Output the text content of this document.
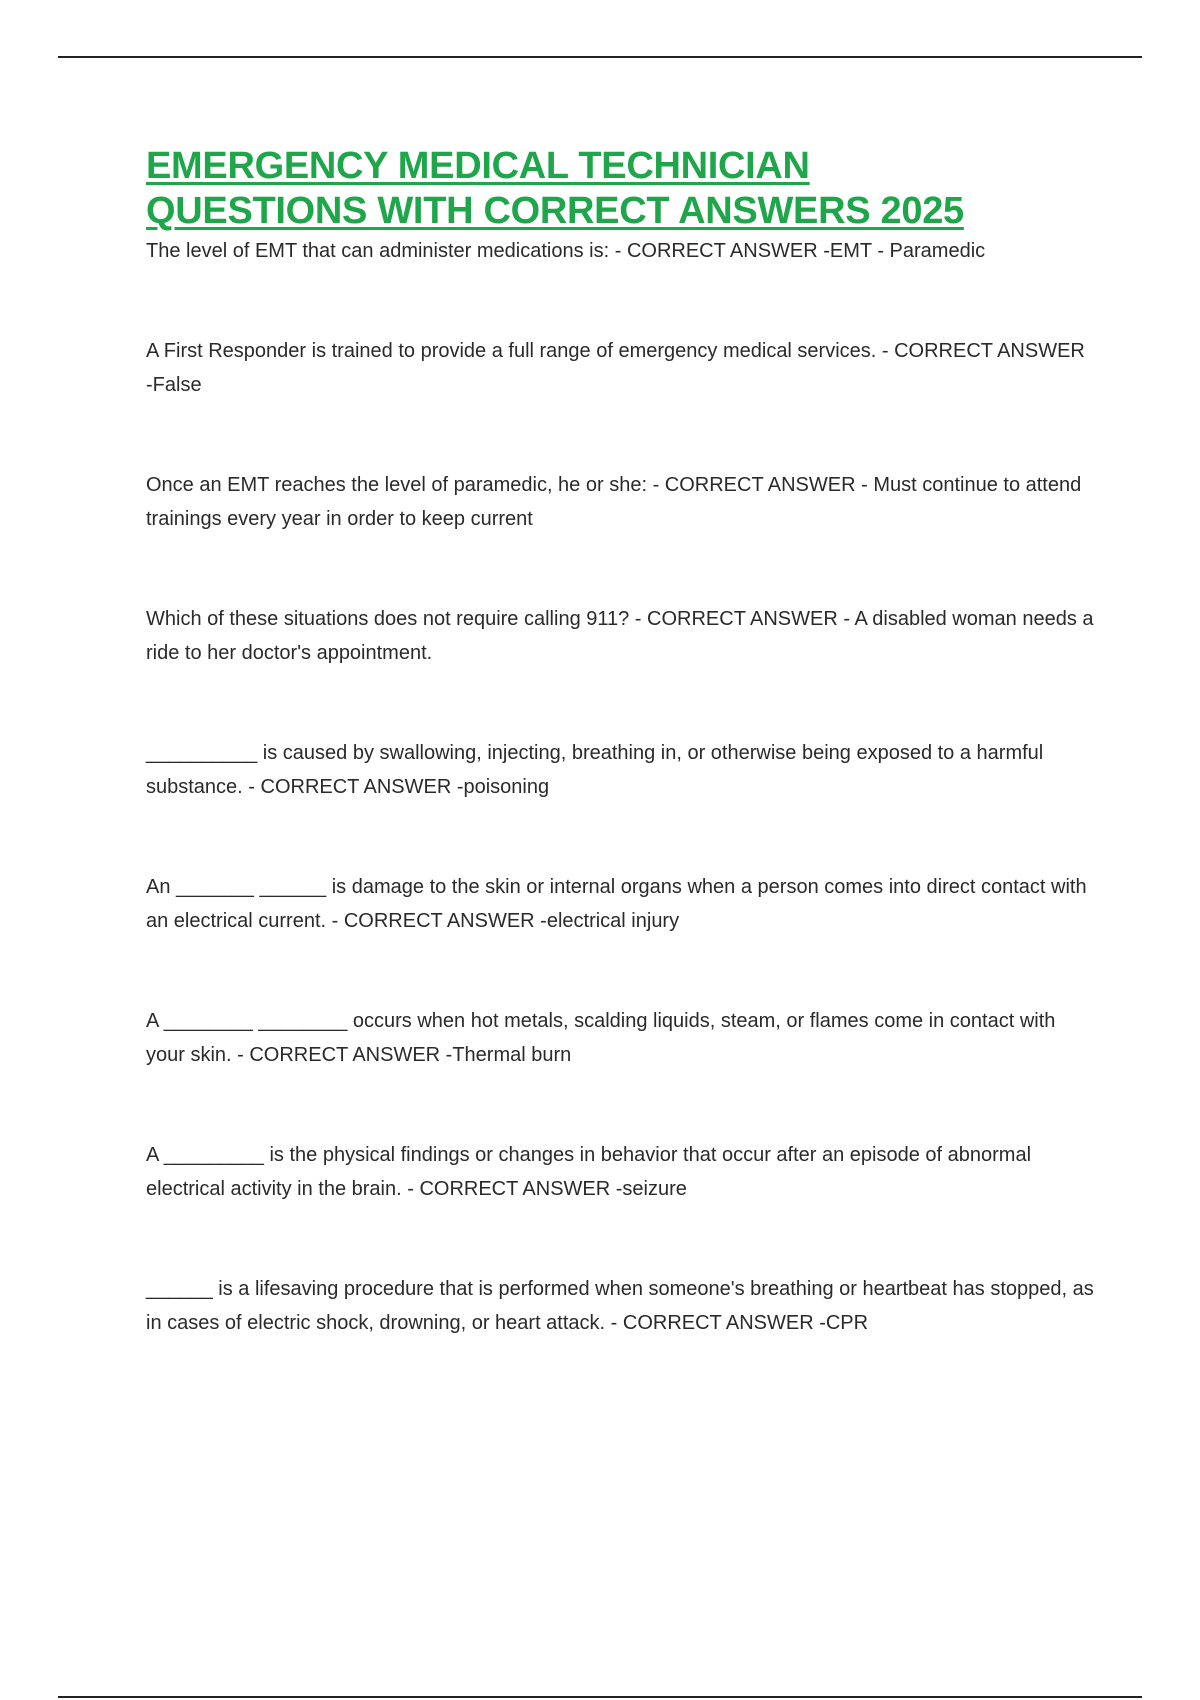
EMERGENCY MEDICAL TECHNICIAN
QUESTIONS WITH CORRECT ANSWERS 2025

The level of EMT that can administer medications is: - CORRECT ANSWER -EMT - Paramedic

A First Responder is trained to provide a full range of emergency medical services. - CORRECT ANSWER -False

Once an EMT reaches the level of paramedic, he or she: - CORRECT ANSWER - Must continue to attend trainings every year in order to keep current

Which of these situations does not require calling 911? - CORRECT ANSWER - A disabled woman needs a ride to her doctor's appointment.

__________ is caused by swallowing, injecting, breathing in, or otherwise being exposed to a harmful substance. - CORRECT ANSWER -poisoning

An _______ ______ is damage to the skin or internal organs when a person comes into direct contact with an electrical current. - CORRECT ANSWER -electrical injury

A ________ ________ occurs when hot metals, scalding liquids, steam, or flames come in contact with your skin. - CORRECT ANSWER -Thermal burn

A _________ is the physical findings or changes in behavior that occur after an episode of abnormal electrical activity in the brain. - CORRECT ANSWER -seizure

______ is a lifesaving procedure that is performed when someone's breathing or heartbeat has stopped, as in cases of electric shock, drowning, or heart attack. - CORRECT ANSWER -CPR
